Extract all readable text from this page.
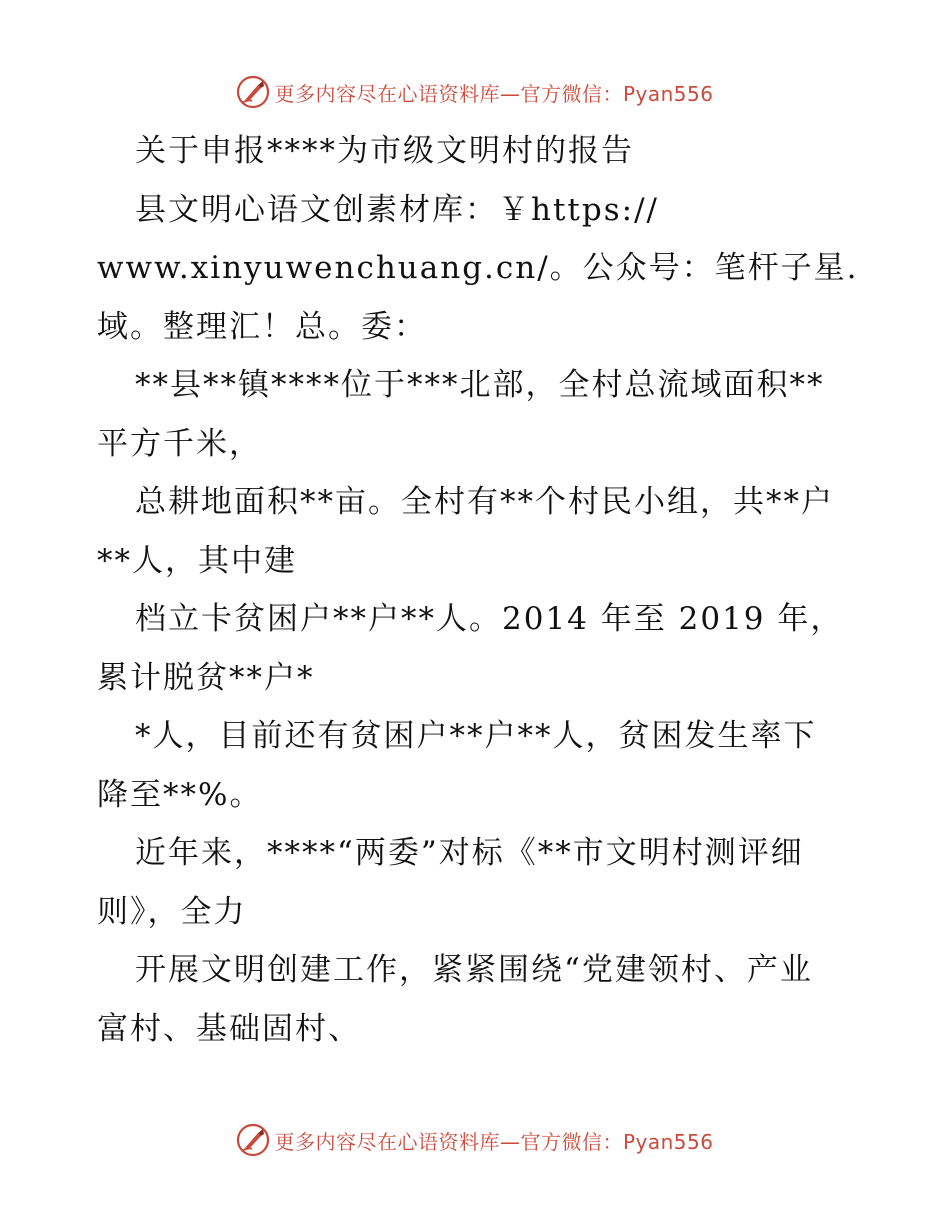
更多内容尽在心语资料库—官方微信：Pyan556
关于申报****为市级文明村的报告
县文明心语文创素材库：￥https://
www.xinyuwenchuang.cn/。公众号：笔杆子星.
域。整理汇！总。委：
**县**镇****位于***北部，全村总流域面积**
平方千米，
总耕地面积**亩。全村有**个村民小组，共**户
**人，其中建
档立卡贫困户**户**人。2014 年至 2019 年，
累计脱贫**户*
*人，目前还有贫困户**户**人，贫困发生率下
降至**%。
近年来，****“两委”对标《**市文明村测评细
则》，全力
开展文明创建工作，紧紧围绕“党建领村、产业
富村、基础固村、
更多内容尽在心语资料库—官方微信：Pyan556
